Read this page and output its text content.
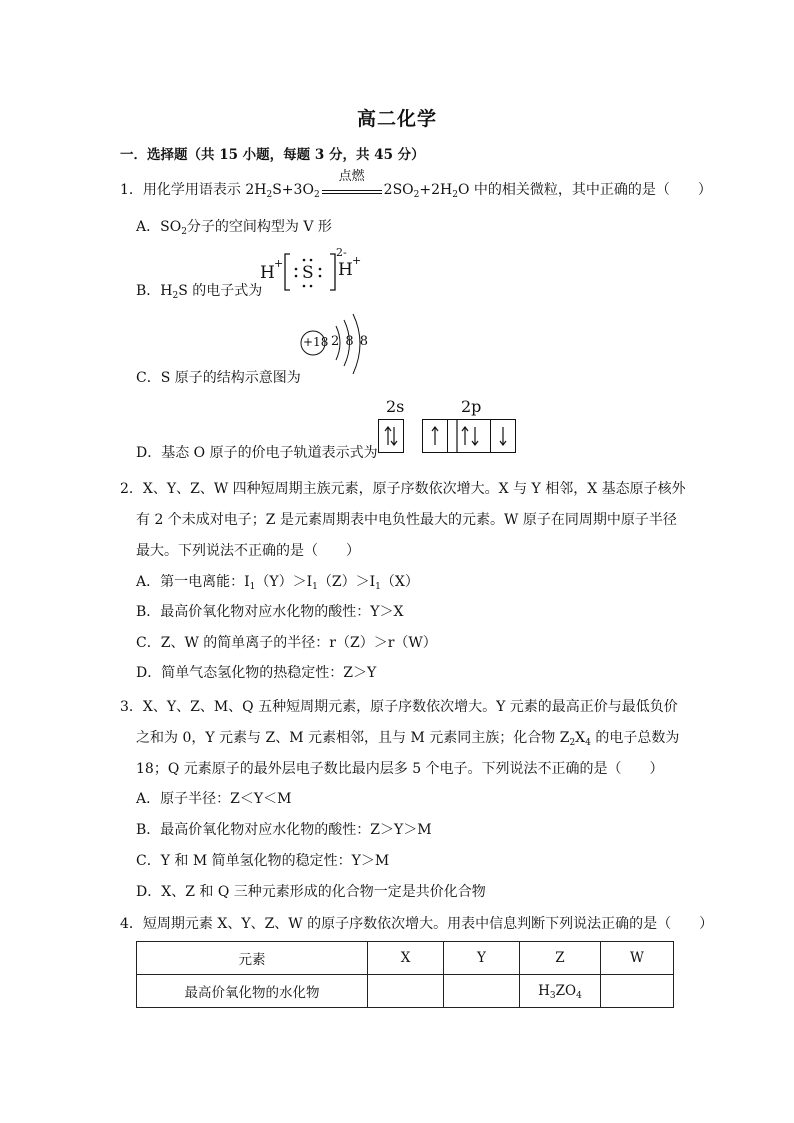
高二化学
一．选择题（共 15 小题，每题 3 分，共 45 分）
1．用化学用语表示 $2H_2S+3O_2$
点燃
$2SO_2+2H_2O$ 中的相关微粒，其中正确的是（　　）
A．$SO_2$分子的空间构型为 V 形
B．$H_2S$ 的电子式为
H + S
2-
H +
C．S 原子的结构示意图为
+18 2 8 8
D．基态 O 原子的价电子轨道表示式为
2s	2p
2．X、Y、Z、W 四种短周期主族元素，原子序数依次增大。X 与 Y 相邻，X 基态原子核外
有 2 个未成对电子；Z 是元素周期表中电负性最大的元素。W 原子在同周期中原子半径
最大。下列说法不正确的是（　　）
A．第一电离能：$I_1(Y)>I_1(Z)>I_1(X)$
B．最高价氧化物对应水化物的酸性：Y＞X
C．Z、W 的简单离子的半径：r（Z）＞r（W）
D．简单气态氢化物的热稳定性：Z＞Y
3．X、Y、Z、M、Q 五种短周期元素，原子序数依次增大。Y 元素的最高正价与最低负价
之和为 0，Y 元素与 Z、M 元素相邻，且与 M 元素同主族；化合物 $Z_2X_4$ 的电子总数为
18；Q 元素原子的最外层电子数比最内层多 5 个电子。下列说法不正确的是（　　）
A．原子半径：Z＜Y＜M
B．最高价氧化物对应水化物的酸性：Z＞Y＞M
C．Y 和 M 简单氢化物的稳定性：Y＞M
D．X、Z 和 Q 三种元素形成的化合物一定是共价化合物
4．短周期元素 X、Y、Z、W 的原子序数依次增大。用表中信息判断下列说法正确的是（　　）
元素	X	Y	Z	W
最高价氧化物的水化物			$H_3ZO_4$	
